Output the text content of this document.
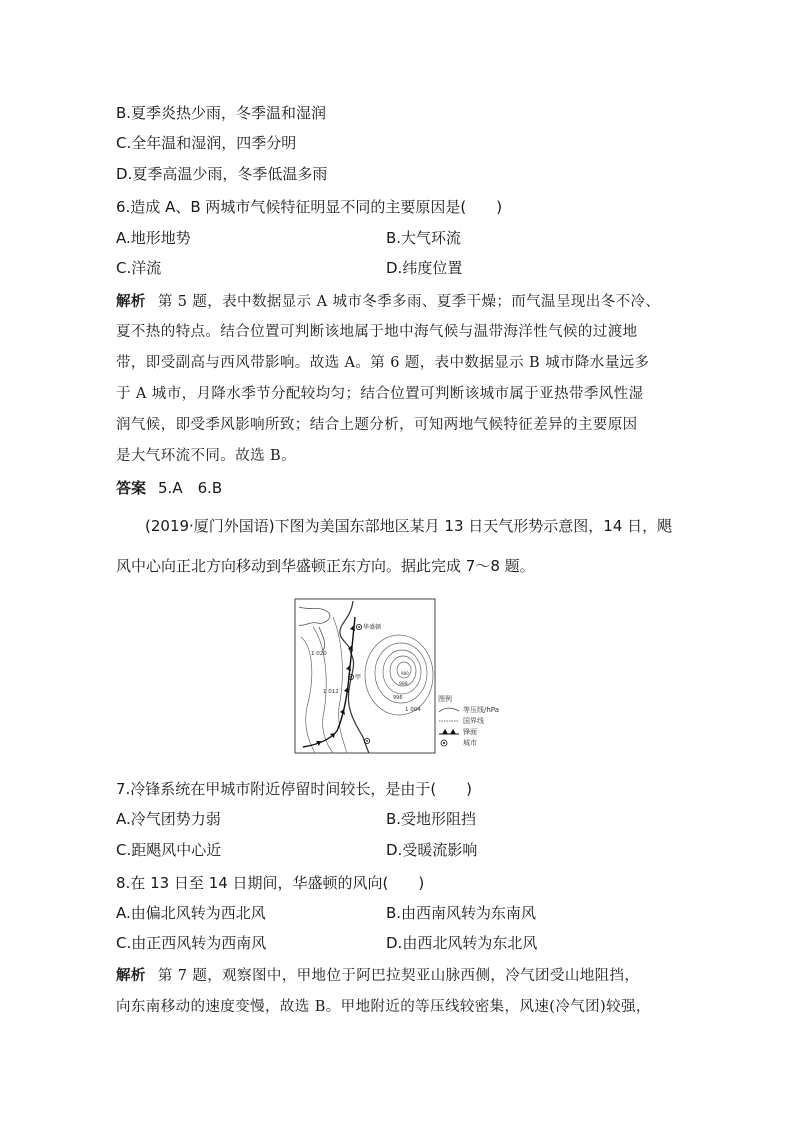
B.夏季炎热少雨，冬季温和湿润
C.全年温和湿润，四季分明
D.夏季高温少雨，冬季低温多雨
6.造成 A、B 两城市气候特征明显不同的主要原因是(　　)
A.地形地势	B.大气环流
C.洋流	D.纬度位置
解析 第 5 题，表中数据显示 A 城市冬季多雨、夏季干燥；而气温呈现出冬不冷、
夏不热的特点。结合位置可判断该地属于地中海气候与温带海洋性气候的过渡地
带，即受副高与西风带影响。故选 A。第 6 题，表中数据显示 B 城市降水量远多
于 A 城市，月降水季节分配较均匀；结合位置可判断该城市属于亚热带季风性湿
润气候，即受季风影响所致；结合上题分析，可知两地气候特征差异的主要原因
是大气环流不同。故选 B。
答案 5.A　6.B
(2019·厦门外国语)下图为美国东部地区某月 13 日天气形势示意图，14 日，飓
风中心向正北方向移动到华盛顿正东方向。据此完成 7～8 题。
华盛顿
甲
1 020
1 012
1 004
996
988
980
图例
等压线/hPa
国界线
锋面
城市
7.冷锋系统在甲城市附近停留时间较长，是由于(　　)
A.冷气团势力弱	B.受地形阻挡
C.距飓风中心近	D.受暖流影响
8.在 13 日至 14 日期间，华盛顿的风向(　　)
A.由偏北风转为西北风	B.由西南风转为东南风
C.由正西风转为西南风	D.由西北风转为东北风
解析 第 7 题，观察图中，甲地位于阿巴拉契亚山脉西侧，冷气团受山地阻挡，
向东南移动的速度变慢，故选 B。甲地附近的等压线较密集，风速(冷气团)较强，
